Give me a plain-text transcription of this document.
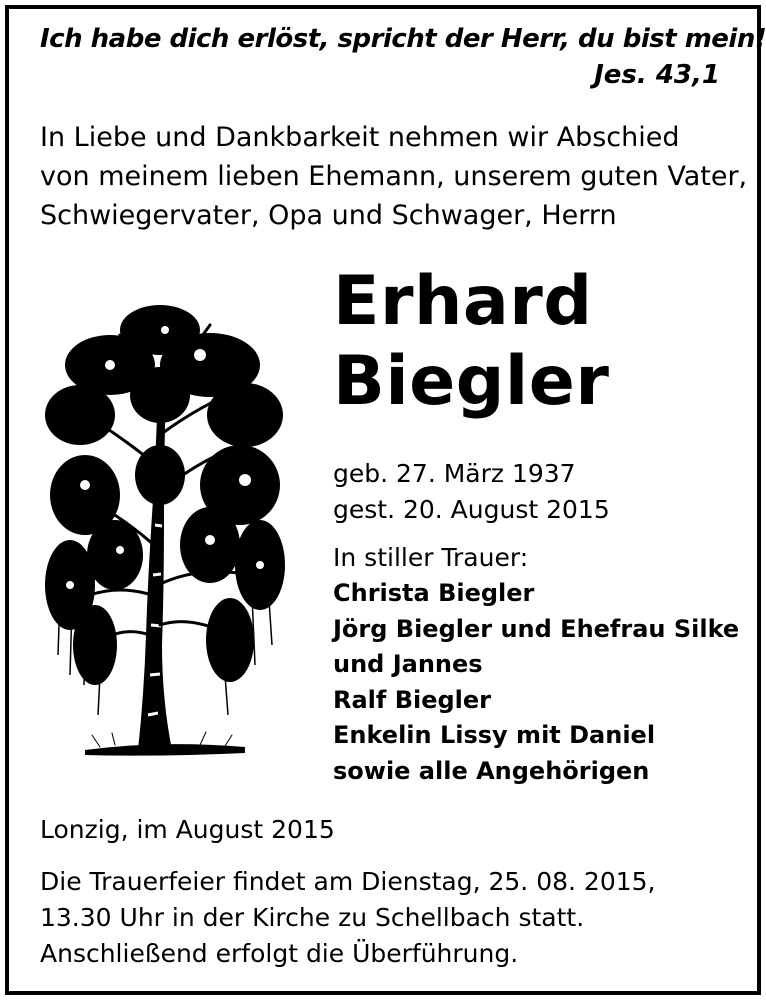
Ich habe dich erlöst, spricht der Herr, du bist mein!
Jes. 43,1
In Liebe und Dankbarkeit nehmen wir Abschied
von meinem lieben Ehemann, unserem guten Vater,
Schwiegervater, Opa und Schwager, Herrn
Erhard
Biegler
geb. 27. März 1937
gest. 20. August 2015
In stiller Trauer:
Christa Biegler
Jörg Biegler und Ehefrau Silke
und Jannes
Ralf Biegler
Enkelin Lissy mit Daniel
sowie alle Angehörigen
Lonzig, im August 2015
Die Trauerfeier findet am Dienstag, 25. 08. 2015,
13.30 Uhr in der Kirche zu Schellbach statt.
Anschließend erfolgt die Überführung.
